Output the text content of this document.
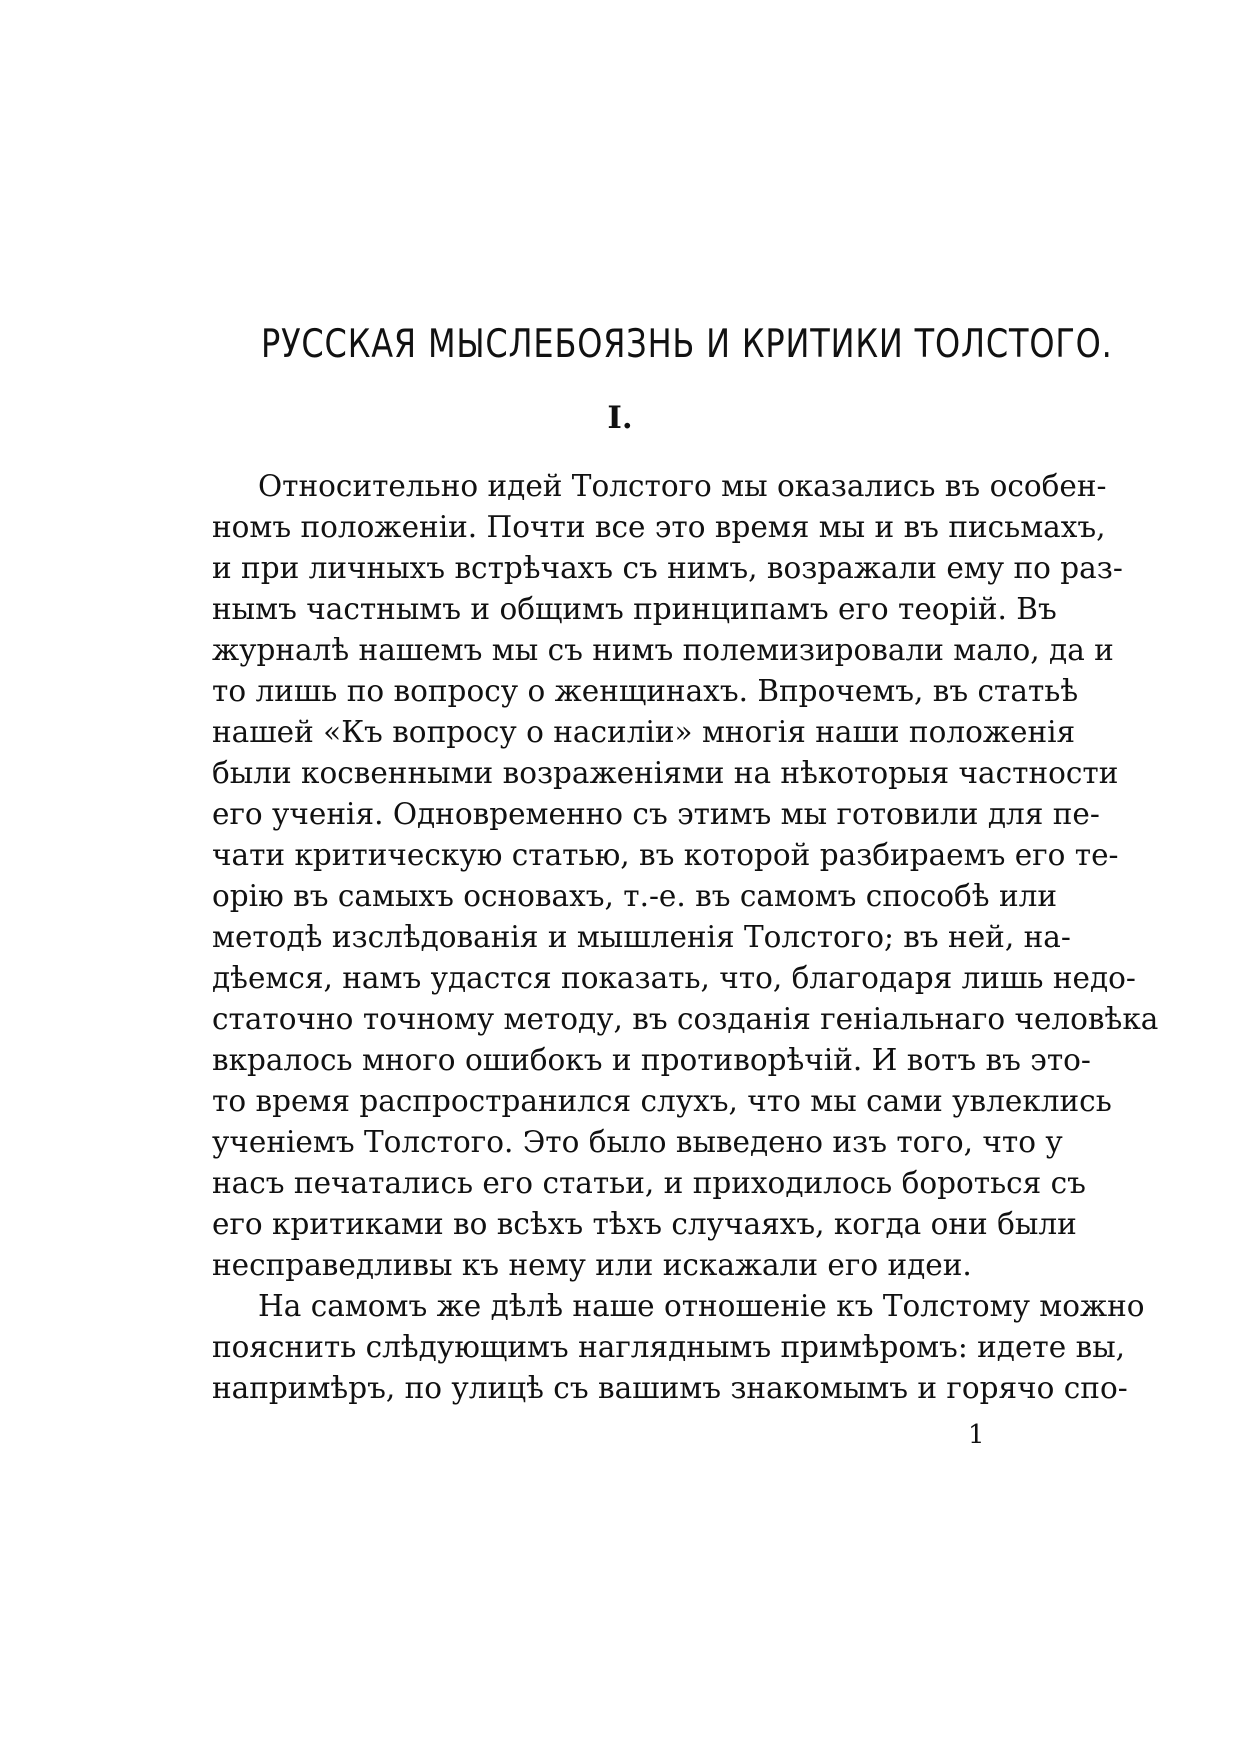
РУССКАЯ МЫСЛЕБОЯЗНЬ И КРИТИКИ ТОЛСТОГО.
I.
Относительно идей Толстого мы оказались въ особен-
номъ положеніи. Почти все это время мы и въ письмахъ,
и при личныхъ встрѣчахъ съ нимъ, возражали ему по раз-
нымъ частнымъ и общимъ принципамъ его теорій. Въ
журналѣ нашемъ мы съ нимъ полемизировали мало, да и
то лишь по вопросу о женщинахъ. Впрочемъ, въ статьѣ
нашей «Къ вопросу о насиліи» многія наши положенія
были косвенными возраженіями на нѣкоторыя частности
его ученія. Одновременно съ этимъ мы готовили для пе-
чати критическую статью, въ которой разбираемъ его те-
орію въ самыхъ основахъ, т.-е. въ самомъ способѣ или
методѣ изслѣдованія и мышленія Толстого; въ ней, на-
дѣемся, намъ удастся показать, что, благодаря лишь недо-
статочно точному методу, въ созданія геніальнаго человѣка
вкралось много ошибокъ и противорѣчій. И вотъ въ это-
то время распространился слухъ, что мы сами увлеклись
ученіемъ Толстого. Это было выведено изъ того, что у
насъ печатались его статьи, и приходилось бороться съ
его критиками во всѣхъ тѣхъ случаяхъ, когда они были
несправедливы къ нему или искажали его идеи.
На самомъ же дѣлѣ наше отношеніе къ Толстому можно
пояснить слѣдующимъ нагляднымъ примѣромъ: идете вы,
напримѣръ, по улицѣ съ вашимъ знакомымъ и горячо спо-
1
